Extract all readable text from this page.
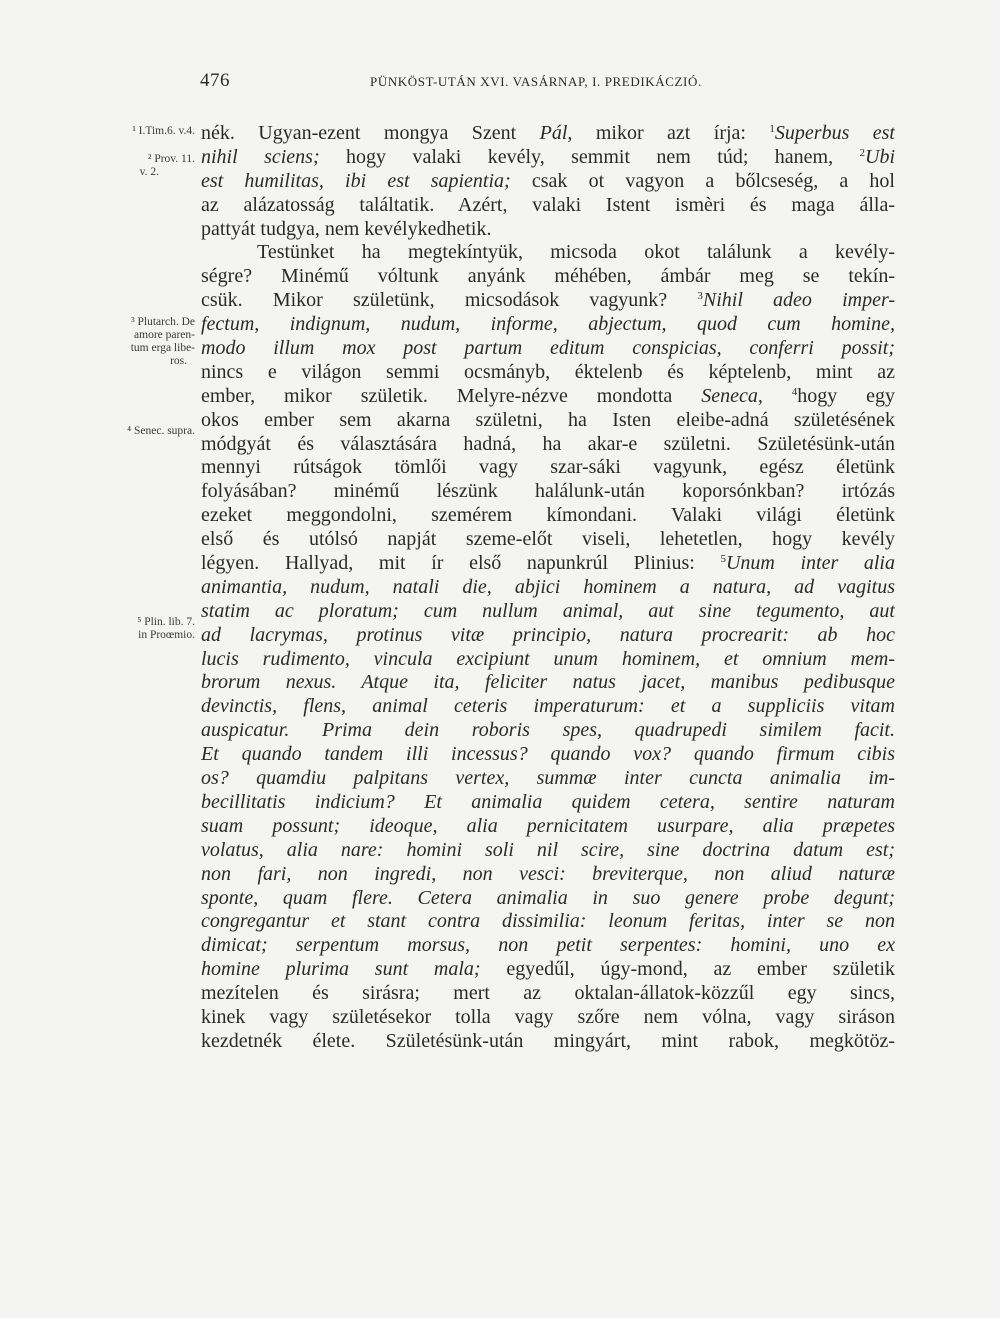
476	PÜNKÖST-UTÁN XVI. VASÁRNAP, I. PREDIKÁCZIÓ.
¹ I.Tim.6. v.4.
² Prov. 11.
v. 2.
³ Plutarch. De
amore paren-
tum erga libe-
ros.
⁴ Senec. supra.
⁵ Plin. lib. 7.
in Proœmio.
nék. Ugyan-ezent mongya Szent Pál, mikor azt írja: $^1$Superbus est
nihil sciens; hogy valaki kevély, semmit nem túd; hanem, $^2$Ubi
est humilitas, ibi est sapientia; csak ot vagyon a bőlcseség, a hol
az alázatosság találtatik. Azért, valaki Istent ismèri és maga álla-
pattyát tudgya, nem kevélykedhetik.
Testünket ha megtekíntyük, micsoda okot találunk a kevély-
ségre? Minémű vóltunk anyánk méhében, ámbár meg se tekín-
csük. Mikor születünk, micsodások vagyunk? $^3$Nihil adeo imper-
fectum, indignum, nudum, informe, abjectum, quod cum homine,
modo illum mox post partum editum conspicias, conferri possit;
nincs e világon semmi ocsmányb, éktelenb és képtelenb, mint az
ember, mikor születik. Melyre-nézve mondotta Seneca,	$^4$hogy egy
okos ember sem akarna születni, ha Isten eleibe-adná születésének
módgyát és választására hadná, ha akar-e születni. Születésünk-után
mennyi rútságok tömlői vagy szar-sáki vagyunk, egész életünk
folyásában? minémű lészünk halálunk-után koporsónkban? irtózás
ezeket meggondolni, szemérem kímondani. Valaki világi életünk
első és utólsó napját szeme-előt viseli, lehetetlen, hogy kevély
légyen. Hallyad, mit ír első napunkrúl Plinius: $^5$Unum inter alia
animantia, nudum, natali die, abjici hominem a natura, ad vagitus
statim ac ploratum; cum nullum animal, aut sine tegumento, aut
ad lacrymas, protinus vitæ principio, natura procrearit: ab hoc
lucis rudimento, vincula excipiunt unum hominem, et omnium mem-
brorum nexus. Atque ita, feliciter natus jacet, manibus pedibusque
devinctis, flens, animal ceteris imperaturum: et a suppliciis vitam
auspicatur. Prima dein roboris spes, quadrupedi similem facit.
Et quando tandem illi incessus? quando vox? quando firmum cibis
os? quamdiu palpitans vertex, summæ inter cuncta animalia im-
becillitatis indicium? Et animalia quidem cetera, sentire naturam
suam possunt; ideoque, alia pernicitatem usurpare, alia præpetes
volatus, alia nare: homini soli nil scire, sine doctrina datum est;
non fari, non ingredi, non vesci: breviterque, non aliud naturæ
sponte, quam flere. Cetera animalia in suo genere probe degunt;
congregantur et stant contra dissimilia: leonum feritas, inter se non
dimicat; serpentum morsus, non petit serpentes: homini, uno ex
homine plurima sunt mala; egyedűl, úgy-mond, az ember születik
mezítelen és sirásra; mert az oktalan-állatok-közzűl egy sincs,
kinek vagy születésekor tolla vagy szőre nem vólna, vagy siráson
kezdetnék élete. Születésünk-után mingyárt, mint rabok, megkötöz-
